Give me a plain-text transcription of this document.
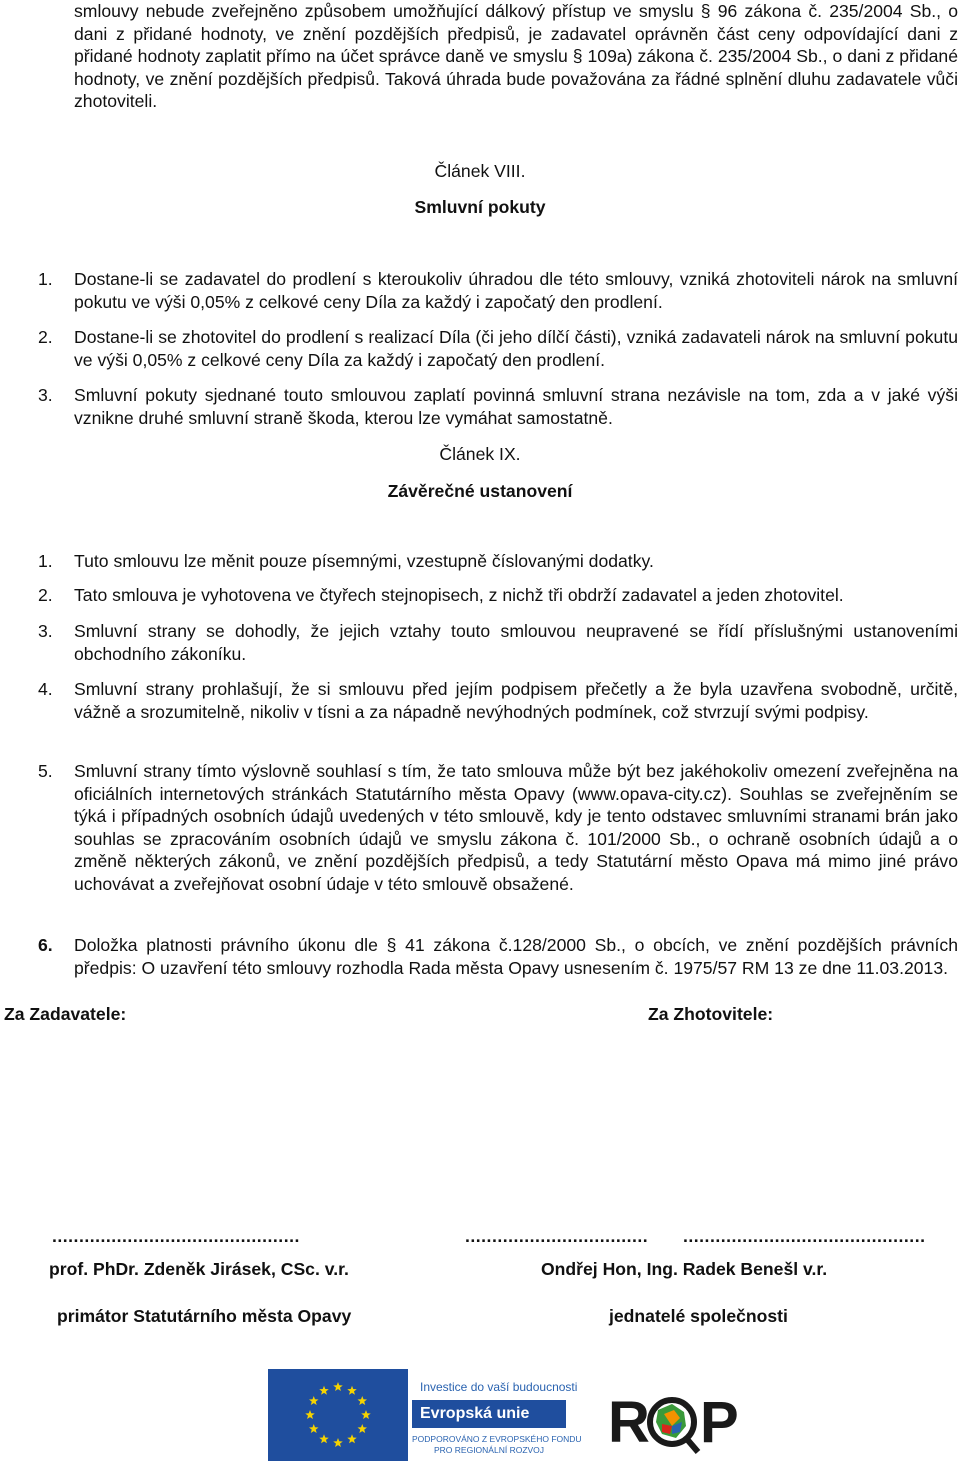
smlouvy nebude zveřejněno způsobem umožňující dálkový přístup ve smyslu § 96 zákona č. 235/2004 Sb., o dani z přidané hodnoty, ve znění pozdějších předpisů, je zadavatel oprávněn část ceny odpovídající dani z přidané hodnoty zaplatit přímo na účet správce daně ve smyslu § 109a) zákona č. 235/2004 Sb., o dani z přidané hodnoty, ve znění pozdějších předpisů. Taková úhrada bude považována za řádné splnění dluhu zadavatele vůči zhotoviteli.
Článek VIII.
Smluvní pokuty
1.	Dostane-li se zadavatel do prodlení s kteroukoliv úhradou dle této smlouvy, vzniká zhotoviteli nárok na smluvní pokutu ve výši 0,05% z celkové ceny Díla za každý i započatý den prodlení.
2.	Dostane-li se zhotovitel do prodlení s realizací Díla (či jeho dílčí části), vzniká zadavateli nárok na smluvní pokutu ve výši 0,05% z celkové ceny Díla za každý i započatý den prodlení.
3.	Smluvní pokuty sjednané touto smlouvou zaplatí povinná smluvní strana nezávisle na tom, zda a v jaké výši vznikne druhé smluvní straně škoda, kterou lze vymáhat samostatně.
Článek IX.
Závěrečné ustanovení
1.	Tuto smlouvu lze měnit pouze písemnými, vzestupně číslovanými dodatky.
2.	Tato smlouva je vyhotovena ve čtyřech stejnopisech, z nichž tři obdrží zadavatel a jeden zhotovitel.
3.	Smluvní strany se dohodly, že jejich vztahy touto smlouvou neupravené se řídí příslušnými ustanoveními obchodního zákoníku.
4.	Smluvní strany prohlašují, že si smlouvu před jejím podpisem přečetly a že byla uzavřena svobodně, určitě, vážně a srozumitelně, nikoliv v tísni a za nápadně nevýhodných podmínek, což stvrzují svými podpisy.
5.	Smluvní strany tímto výslovně souhlasí s tím, že tato smlouva může být bez jakéhokoliv omezení zveřejněna na oficiálních internetových stránkách Statutárního města Opavy (www.opava-city.cz). Souhlas se zveřejněním se týká i případných osobních údajů uvedených v této smlouvě, kdy je tento odstavec smluvními stranami brán jako souhlas se zpracováním osobních údajů ve smyslu zákona č. 101/2000 Sb., o ochraně osobních údajů a o změně některých zákonů, ve znění pozdějších předpisů, a tedy Statutární město Opava má mimo jiné právo uchovávat a zveřejňovat osobní údaje v této smlouvě obsažené.
6.	Doložka platnosti právního úkonu dle § 41 zákona č.128/2000 Sb., o obcích, ve znění pozdějších právních předpis: O uzavření této smlouvy rozhodla Rada města Opavy usnesením č. 1975/57 RM 13 ze dne 11.03.2013.
Za Zadavatele:	Za Zhotovitele:
..............................................	.................................. .............................................
prof. PhDr. Zdeněk Jirásek, CSc. v.r.	Ondřej Hon, Ing. Radek Benešl v.r.
primátor Statutárního města Opavy	jednatelé společnosti
Investice do vaší budoucnosti
Evropská unie
PODPOROVÁNO Z EVROPSKÉHO FONDU
PRO REGIONÁLNÍ ROZVOJ R P
